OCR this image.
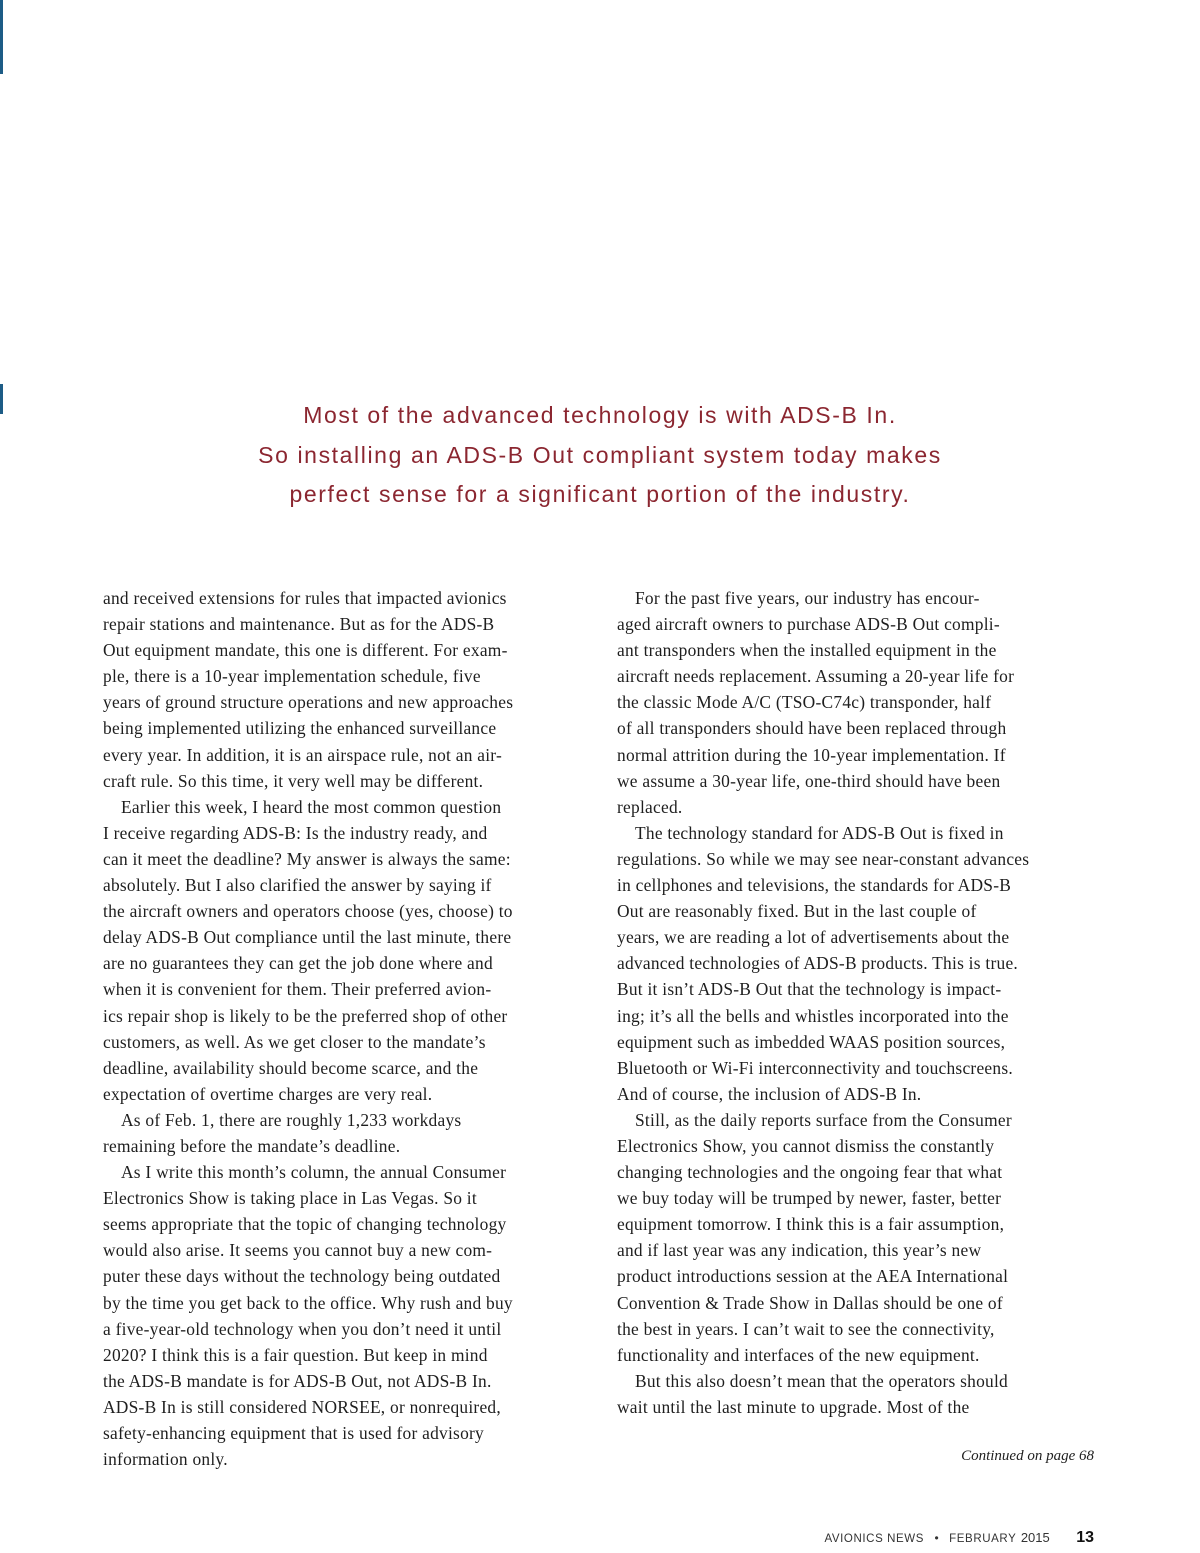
Most of the advanced technology is with ADS-B In.
So installing an ADS-B Out compliant system today makes
perfect sense for a significant portion of the industry.

and received extensions for rules that impacted avionics

repair stations and maintenance. But as for the ADS-B

Out equipment mandate, this one is different. For exam-

ple, there is a 10-year implementation schedule, five

years of ground structure operations and new approaches

being implemented utilizing the enhanced surveillance

every year. In addition, it is an airspace rule, not an air-

craft rule. So this time, it very well may be different.

Earlier this week, I heard the most common question

I receive regarding ADS-B: Is the industry ready, and

can it meet the deadline? My answer is always the same:

absolutely. But I also clarified the answer by saying if

the aircraft owners and operators choose (yes, choose) to

delay ADS-B Out compliance until the last minute, there

are no guarantees they can get the job done where and

when it is convenient for them. Their preferred avion-

ics repair shop is likely to be the preferred shop of other

customers, as well. As we get closer to the mandate’s

deadline, availability should become scarce, and the

expectation of overtime charges are very real.

As of Feb. 1, there are roughly 1,233 workdays

remaining before the mandate’s deadline.

As I write this month’s column, the annual Consumer

Electronics Show is taking place in Las Vegas. So it

seems appropriate that the topic of changing technology

would also arise. It seems you cannot buy a new com-

puter these days without the technology being outdated

by the time you get back to the office. Why rush and buy

a five-year-old technology when you don’t need it until

2020? I think this is a fair question. But keep in mind

the ADS-B mandate is for ADS-B Out, not ADS-B In.

ADS-B In is still considered NORSEE, or nonrequired,

safety-enhancing equipment that is used for advisory

information only.

For the past five years, our industry has encour-

aged aircraft owners to purchase ADS-B Out compli-

ant transponders when the installed equipment in the

aircraft needs replacement. Assuming a 20-year life for

the classic Mode A/C (TSO-C74c) transponder, half

of all transponders should have been replaced through

normal attrition during the 10-year implementation. If

we assume a 30-year life, one-third should have been

replaced.

The technology standard for ADS-B Out is fixed in

regulations. So while we may see near-constant advances

in cellphones and televisions, the standards for ADS-B

Out are reasonably fixed. But in the last couple of

years, we are reading a lot of advertisements about the

advanced technologies of ADS-B products. This is true.

But it isn’t ADS-B Out that the technology is impact-

ing; it’s all the bells and whistles incorporated into the

equipment such as imbedded WAAS position sources,

Bluetooth or Wi-Fi interconnectivity and touchscreens.

And of course, the inclusion of ADS-B In.

Still, as the daily reports surface from the Consumer

Electronics Show, you cannot dismiss the constantly

changing technologies and the ongoing fear that what

we buy today will be trumped by newer, faster, better

equipment tomorrow. I think this is a fair assumption,

and if last year was any indication, this year’s new

product introductions session at the AEA International

Convention & Trade Show in Dallas should be one of

the best in years. I can’t wait to see the connectivity,

functionality and interfaces of the new equipment.

But this also doesn’t mean that the operators should

wait until the last minute to upgrade. Most of the

Continued on page 68
AVIONICS NEWS • FEBRUARY 2015 13
